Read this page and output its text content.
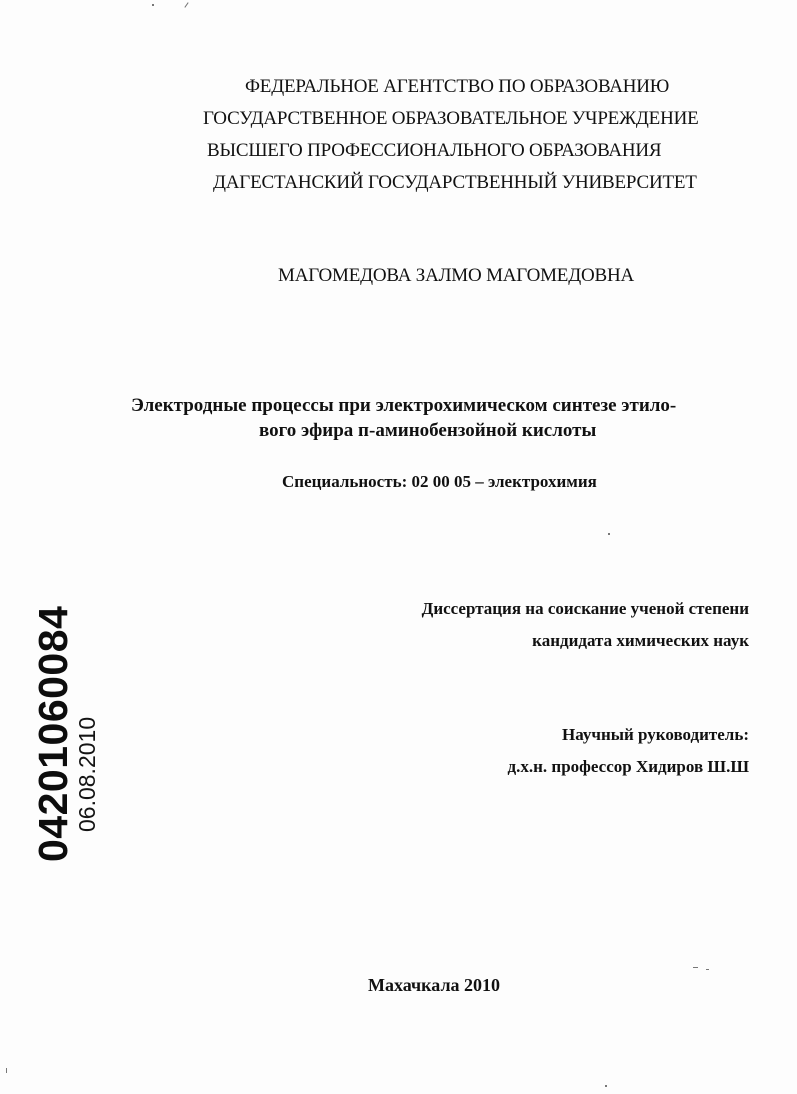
ФЕДЕРАЛЬНОЕ АГЕНТСТВО ПО ОБРАЗОВАНИЮ
ГОСУДАРСТВЕННОЕ ОБРАЗОВАТЕЛЬНОЕ УЧРЕЖДЕНИЕ
ВЫСШЕГО ПРОФЕССИОНАЛЬНОГО ОБРАЗОВАНИЯ
ДАГЕСТАНСКИЙ ГОСУДАРСТВЕННЫЙ УНИВЕРСИТЕТ
МАГОМЕДОВА ЗАЛМО МАГОМЕДОВНА
Электродные процессы при электрохимическом синтезе этило-
вого эфира п-аминобензойной кислоты
Специальность: 02 00 05 – электрохимия
Диссертация на соискание ученой степени
кандидата химических наук
Научный руководитель:
д.х.н. профессор Хидиров Ш.Ш
Махачкала 2010
04201060084
06.08.2010
